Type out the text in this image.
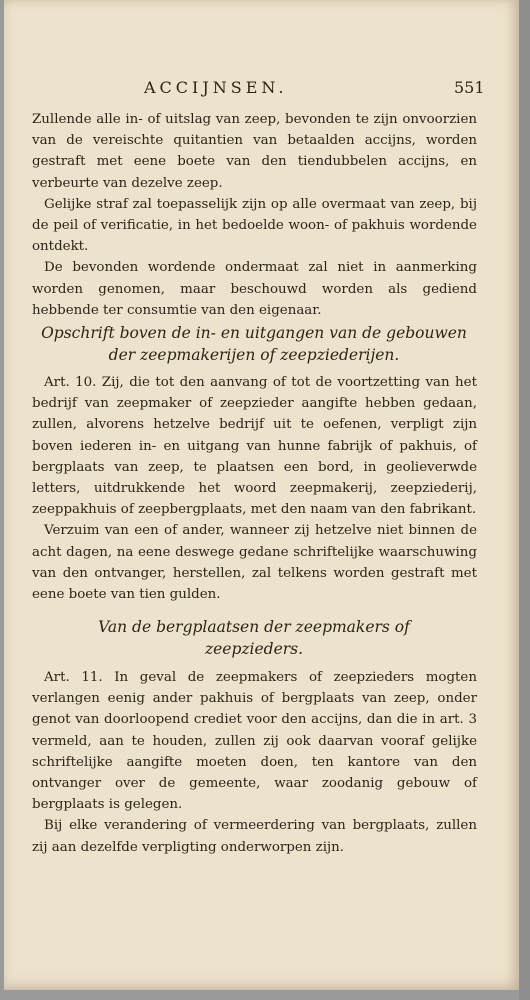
ACCIJNSEN.	551

Zullende alle in- of uitslag van zeep, bevonden te zijn onvoorzien van de vereischte quitantien van betaalden accijns, worden gestraft met eene boete van den tiendubbelen accijns, en verbeurte van dezelve zeep.

Gelijke straf zal toepasselijk zijn op alle overmaat van zeep, bij de peil of verificatie, in het bedoelde woon- of pakhuis wordende ontdekt.

De bevonden wordende ondermaat zal niet in aanmerking worden genomen, maar beschouwd worden als gediend hebbende ter consumtie van den eigenaar.

Opschrift boven de in- en uitgangen van de gebouwen der zeepmakerijen of zeepziederijen.

Art. 10. Zij, die tot den aanvang of tot de voortzetting van het bedrijf van zeepmaker of zeepzieder aangifte hebben gedaan, zullen, alvorens hetzelve bedrijf uit te oefenen, verpligt zijn boven iederen in- en uitgang van hunne fabrijk of pakhuis, of bergplaats van zeep, te plaatsen een bord, in geolieverwde letters, uitdrukkende het woord zeepmakerij, zeepziederij, zeeppakhuis of zeepbergplaats, met den naam van den fabrikant.

Verzuim van een of ander, wanneer zij hetzelve niet binnen de acht dagen, na eene deswege gedane schriftelijke waarschuwing van den ontvanger, herstellen, zal telkens worden gestraft met eene boete van tien gulden.

Van de bergplaatsen der zeepmakers of zeepzieders.

Art. 11. In geval de zeepmakers of zeepzieders mogten verlangen eenig ander pakhuis of bergplaats van zeep, onder genot van doorloopend crediet voor den accijns, dan die in art. 3 vermeld, aan te houden, zullen zij ook daarvan vooraf gelijke schriftelijke aangifte moeten doen, ten kantore van den ontvanger over de gemeente, waar zoodanig gebouw of bergplaats is gelegen.

Bij elke verandering of vermeerdering van bergplaats, zullen zij aan dezelfde verpligting onderworpen zijn.
